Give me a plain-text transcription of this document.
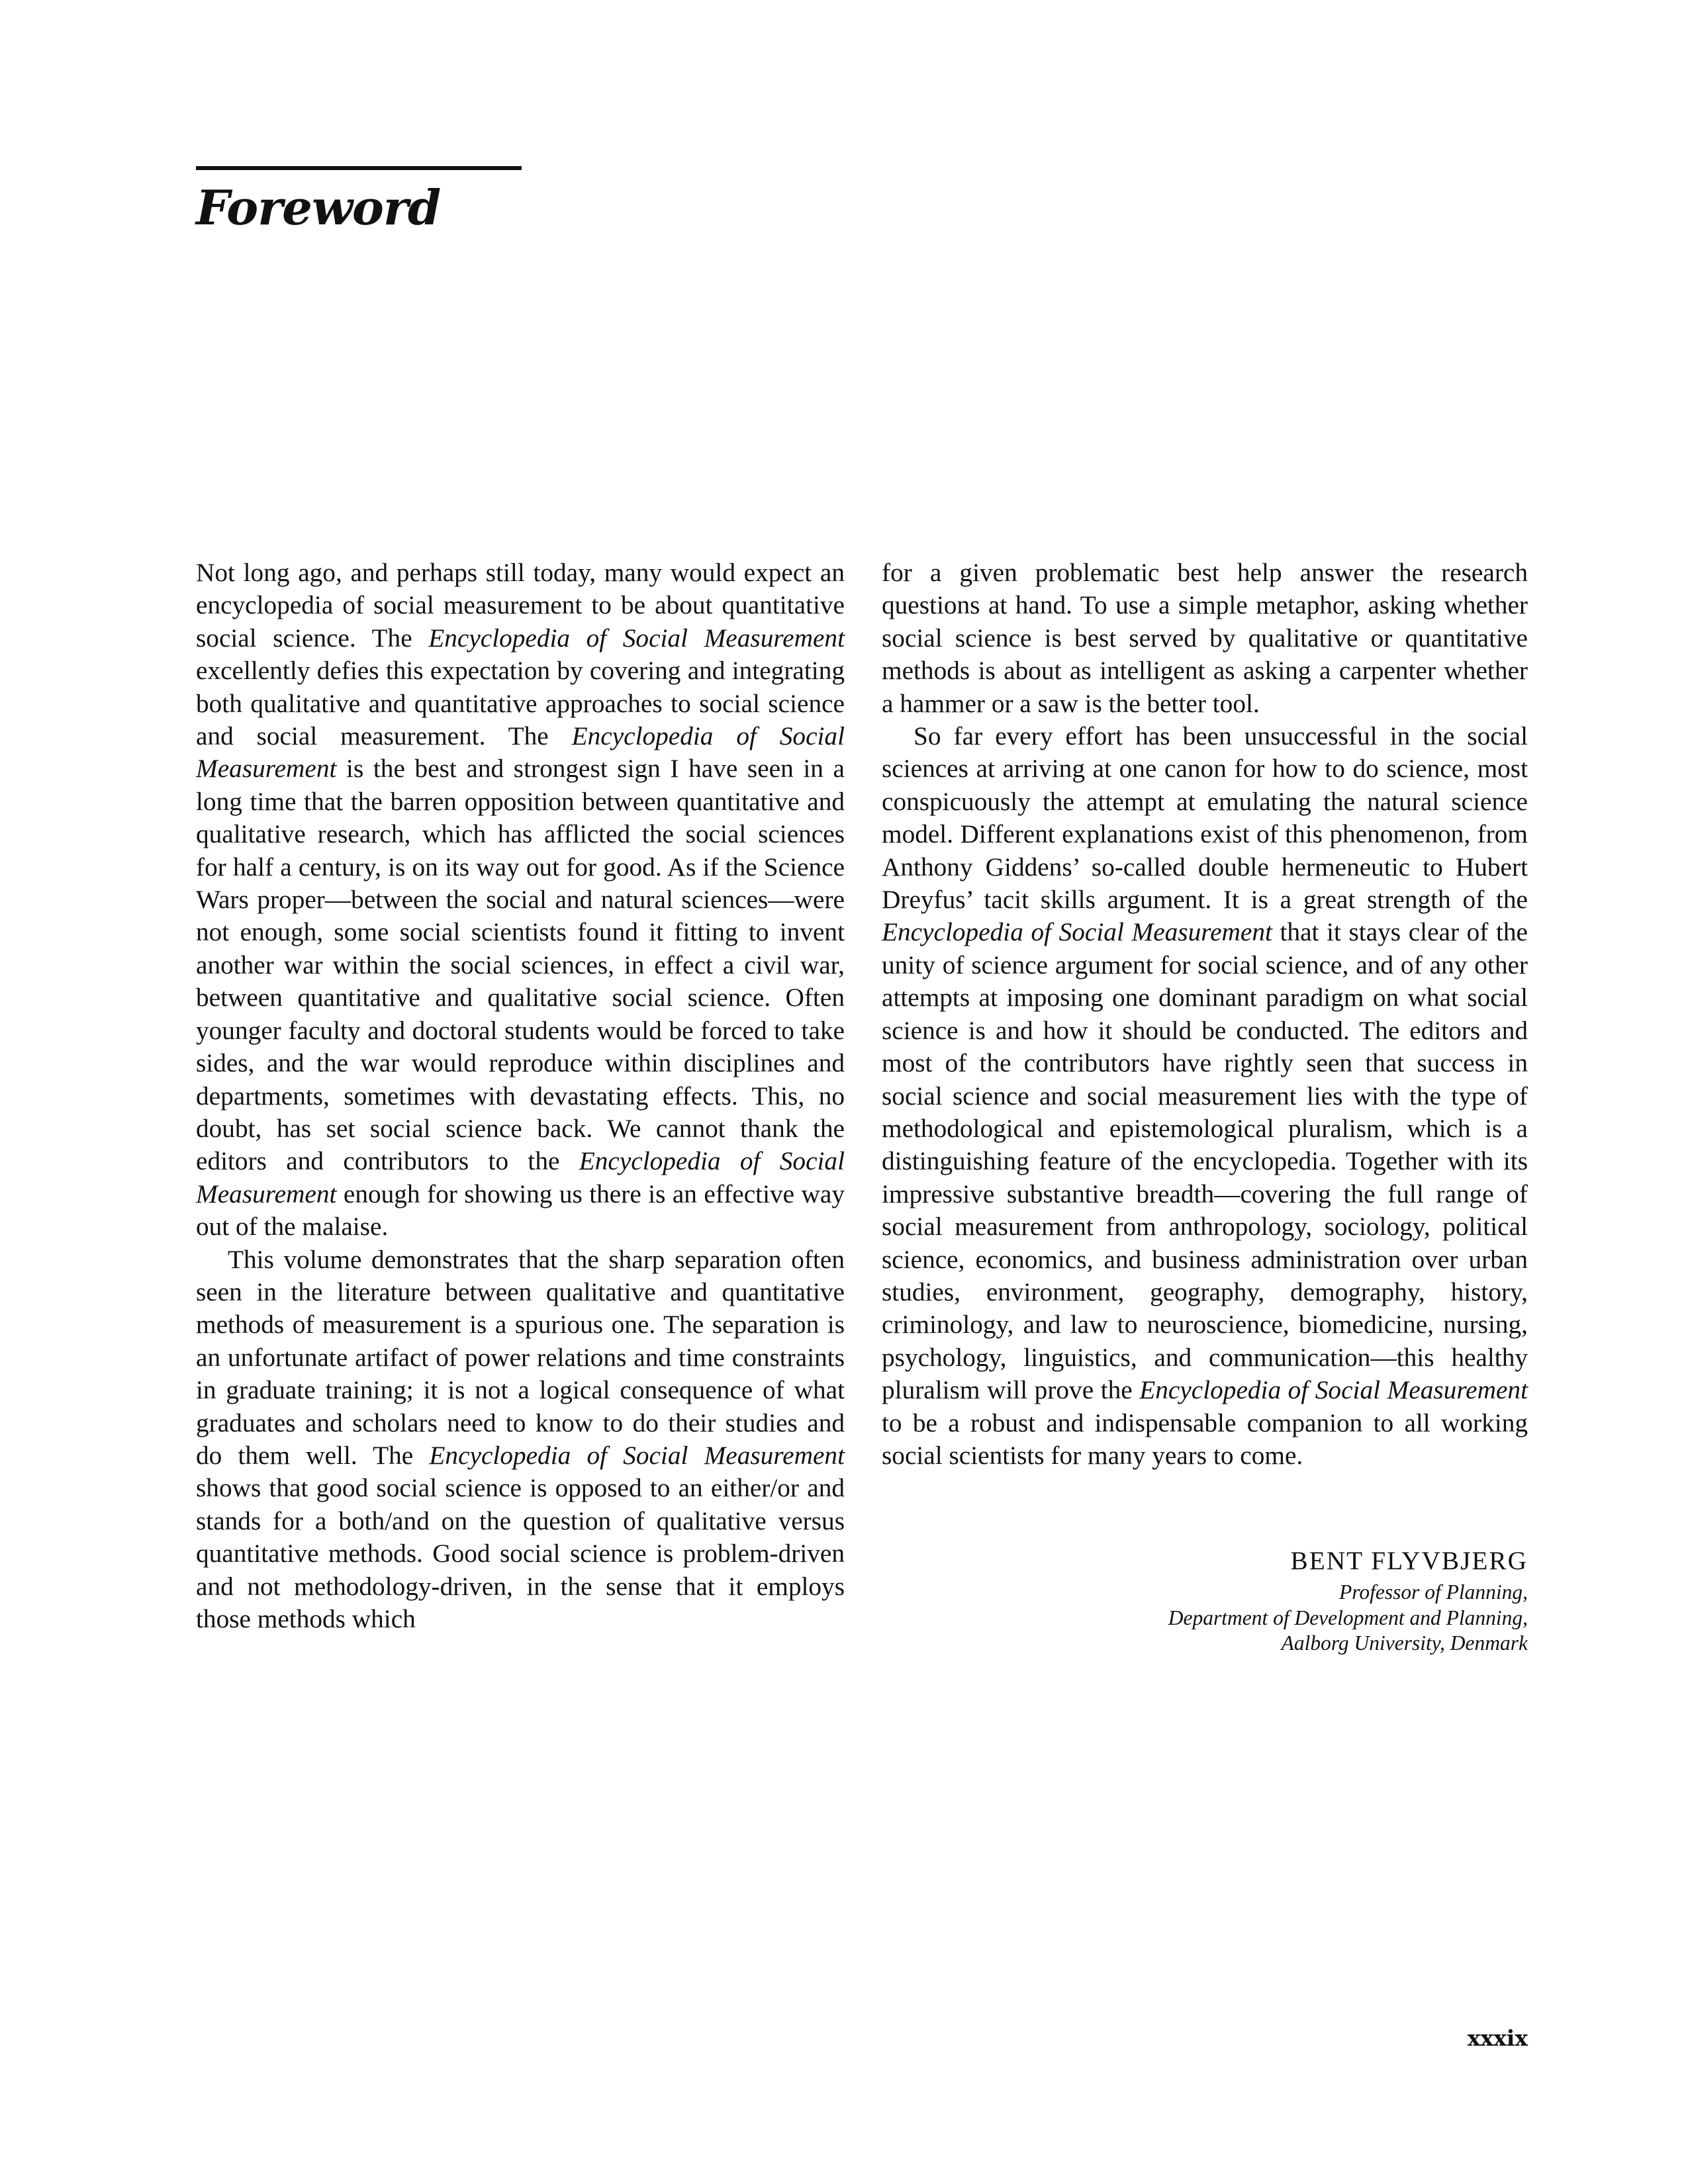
Foreword

Not long ago, and perhaps still today, many would expect an encyclopedia of social measurement to be about quantitative social science. The Encyclopedia of Social Measurement excellently defies this expectation by covering and integrating both qualitative and quantitative approaches to social science and social measurement. The Encyclopedia of Social Measurement is the best and strongest sign I have seen in a long time that the barren opposition between quantitative and qualitative research, which has afflicted the social sciences for half a century, is on its way out for good. As if the Science Wars proper—between the social and natural sciences—were not enough, some social scientists found it fitting to invent another war within the social sciences, in effect a civil war, between quantitative and qualitative social science. Often younger faculty and doctoral students would be forced to take sides, and the war would reproduce within disciplines and departments, sometimes with devastating effects. This, no doubt, has set social science back. We cannot thank the editors and contributors to the Encyclopedia of Social Measurement enough for showing us there is an effective way out of the malaise.

This volume demonstrates that the sharp separation often seen in the literature between qualitative and quantitative methods of measurement is a spurious one. The separation is an unfortunate artifact of power relations and time constraints in graduate training; it is not a logical consequence of what graduates and scholars need to know to do their studies and do them well. The Encyclopedia of Social Measurement shows that good social science is opposed to an either/or and stands for a both/and on the question of qualitative versus quantitative methods. Good social science is problem-driven and not methodology-driven, in the sense that it employs those methods which

for a given problematic best help answer the research questions at hand. To use a simple metaphor, asking whether social science is best served by qualitative or quantitative methods is about as intelligent as asking a carpenter whether a hammer or a saw is the better tool.

So far every effort has been unsuccessful in the social sciences at arriving at one canon for how to do science, most conspicuously the attempt at emulating the natural science model. Different explanations exist of this phenomenon, from Anthony Giddens’ so-called double hermeneutic to Hubert Dreyfus’ tacit skills argument. It is a great strength of the Encyclopedia of Social Measurement that it stays clear of the unity of science argument for social science, and of any other attempts at imposing one dominant paradigm on what social science is and how it should be conducted. The editors and most of the contributors have rightly seen that success in social science and social measurement lies with the type of methodological and epistemological pluralism, which is a distinguishing feature of the encyclopedia. Together with its impressive substantive breadth—covering the full range of social measurement from anthropology, sociology, political science, economics, and business administration over urban studies, environment, geography, demography, history, criminology, and law to neuroscience, biomedicine, nursing, psychology, linguistics, and communication—this healthy pluralism will prove the Encyclopedia of Social Measurement to be a robust and indispensable companion to all working social scientists for many years to come.

BENT FLYVBJERG
Professor of Planning,
Department of Development and Planning,
Aalborg University, Denmark
xxxix
